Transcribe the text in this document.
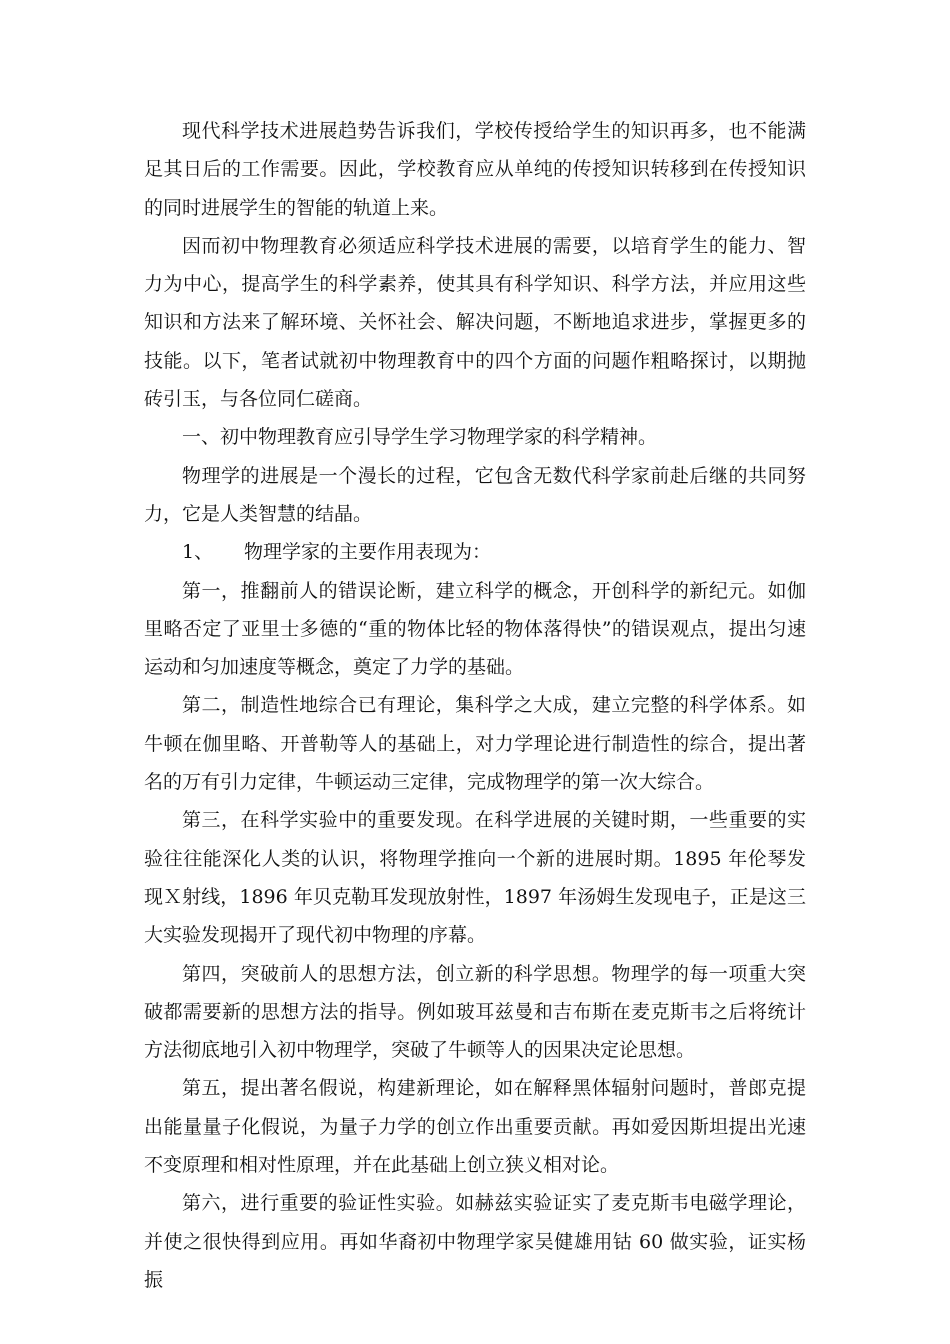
现代科学技术进展趋势告诉我们，学校传授给学生的知识再多，也不能满足其日后的工作需要。因此，学校教育应从单纯的传授知识转移到在传授知识的同时进展学生的智能的轨道上来。

因而初中物理教育必须适应科学技术进展的需要，以培育学生的能力、智力为中心，提高学生的科学素养，使其具有科学知识、科学方法，并应用这些知识和方法来了解环境、关怀社会、解决问题，不断地追求进步，掌握更多的技能。以下，笔者试就初中物理教育中的四个方面的问题作粗略探讨，以期抛砖引玉，与各位同仁磋商。

一、初中物理教育应引导学生学习物理学家的科学精神。

物理学的进展是一个漫长的过程，它包含无数代科学家前赴后继的共同努力，它是人类智慧的结晶。

1、 物理学家的主要作用表现为：

第一，推翻前人的错误论断，建立科学的概念，开创科学的新纪元。如伽里略否定了亚里士多德的“重的物体比轻的物体落得快”的错误观点，提出匀速运动和匀加速度等概念，奠定了力学的基础。

第二，制造性地综合已有理论，集科学之大成，建立完整的科学体系。如牛顿在伽里略、开普勒等人的基础上，对力学理论进行制造性的综合，提出著名的万有引力定律，牛顿运动三定律，完成物理学的第一次大综合。

第三，在科学实验中的重要发现。在科学进展的关键时期，一些重要的实验往往能深化人类的认识，将物理学推向一个新的进展时期。1895 年伦琴发现Ｘ射线，1896 年贝克勒耳发现放射性，1897 年汤姆生发现电子，正是这三大实验发现揭开了现代初中物理的序幕。

第四，突破前人的思想方法，创立新的科学思想。物理学的每一项重大突破都需要新的思想方法的指导。例如玻耳兹曼和吉布斯在麦克斯韦之后将统计方法彻底地引入初中物理学，突破了牛顿等人的因果决定论思想。

第五，提出著名假说，构建新理论，如在解释黑体辐射问题时，普郎克提出能量量子化假说，为量子力学的创立作出重要贡献。再如爱因斯坦提出光速不变原理和相对性原理，并在此基础上创立狭义相对论。

第六，进行重要的验证性实验。如赫兹实验证实了麦克斯韦电磁学理论，并使之很快得到应用。再如华裔初中物理学家吴健雄用钴 60 做实验，证实杨振
